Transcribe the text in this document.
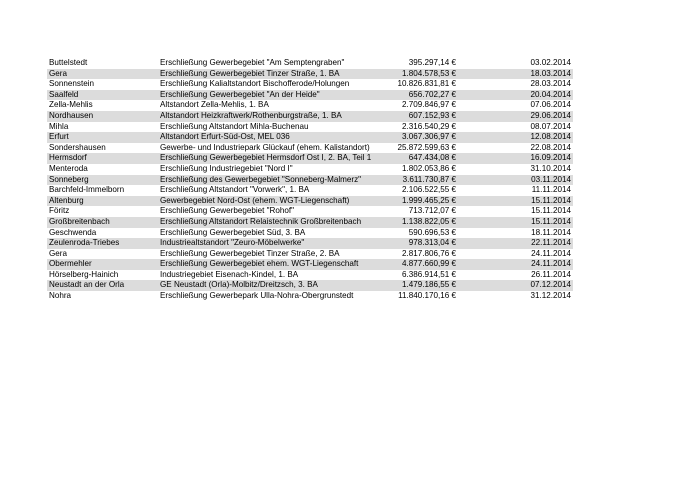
Buttelstedt	Erschließung Gewerbegebiet "Am Semptengraben"	395.297,14 €	03.02.2014
Gera	Erschließung Gewerbegebiet Tinzer Straße, 1. BA	1.804.578,53 €	18.03.2014
Sonnenstein	Erschließung Kalialtstandort Bischofferode/Holungen	10.826.831,81 €	28.03.2014
Saalfeld	Erschließung Gewerbegebiet "An der Heide"	656.702,27 €	20.04.2014
Zella-Mehlis	Altstandort Zella-Mehlis, 1. BA	2.709.846,97 €	07.06.2014
Nordhausen	Altstandort Heizkraftwerk/Rothenburgstraße, 1. BA	607.152,93 €	29.06.2014
Mihla	Erschließung Altstandort Mihla-Buchenau	2.316.540,29 €	08.07.2014
Erfurt	Altstandort Erfurt-Süd-Ost, MEL 036	3.067.306,97 €	12.08.2014
Sondershausen	Gewerbe- und Industriepark Glückauf (ehem. Kalistandort)	25.872.599,63 €	22.08.2014
Hermsdorf	Erschließung Gewerbegebiet Hermsdorf Ost I, 2. BA, Teil 1	647.434,08 €	16.09.2014
Menteroda	Erschließung Industriegebiet "Nord I"	1.802.053,86 €	31.10.2014
Sonneberg	Erschließung des Gewerbegebiet "Sonneberg-Malmerz"	3.611.730,87 €	03.11.2014
Barchfeld-Immelborn	Erschließung Altstandort "Vorwerk", 1. BA	2.106.522,55 €	11.11.2014
Altenburg	Gewerbegebiet Nord-Ost (ehem. WGT-Liegenschaft)	1.999.465,25 €	15.11.2014
Föritz	Erschließung Gewerbegebiet "Rohof"	713.712,07 €	15.11.2014
Großbreitenbach	Erschließung Altstandort Relaistechnik Großbreitenbach	1.138.822,05 €	15.11.2014
Geschwenda	Erschließung Gewerbegebiet Süd, 3. BA	590.696,53 €	18.11.2014
Zeulenroda-Triebes	Industriealtstandort "Zeuro-Möbelwerke"	978.313,04 €	22.11.2014
Gera	Erschließung Gewerbegebiet Tinzer Straße, 2. BA	2.817.806,76 €	24.11.2014
Obermehler	Erschließung Gewerbegebiet ehem. WGT-Liegenschaft	4.877.660,99 €	24.11.2014
Hörselberg-Hainich	Industriegebiet Eisenach-Kindel, 1. BA	6.386.914,51 €	26.11.2014
Neustadt an der Orla	GE Neustadt (Orla)-Molbitz/Dreitzsch, 3. BA	1.479.186,55 €	07.12.2014
Nohra	Erschließung Gewerbepark Ulla-Nohra-Obergrunstedt	11.840.170,16 €	31.12.2014
